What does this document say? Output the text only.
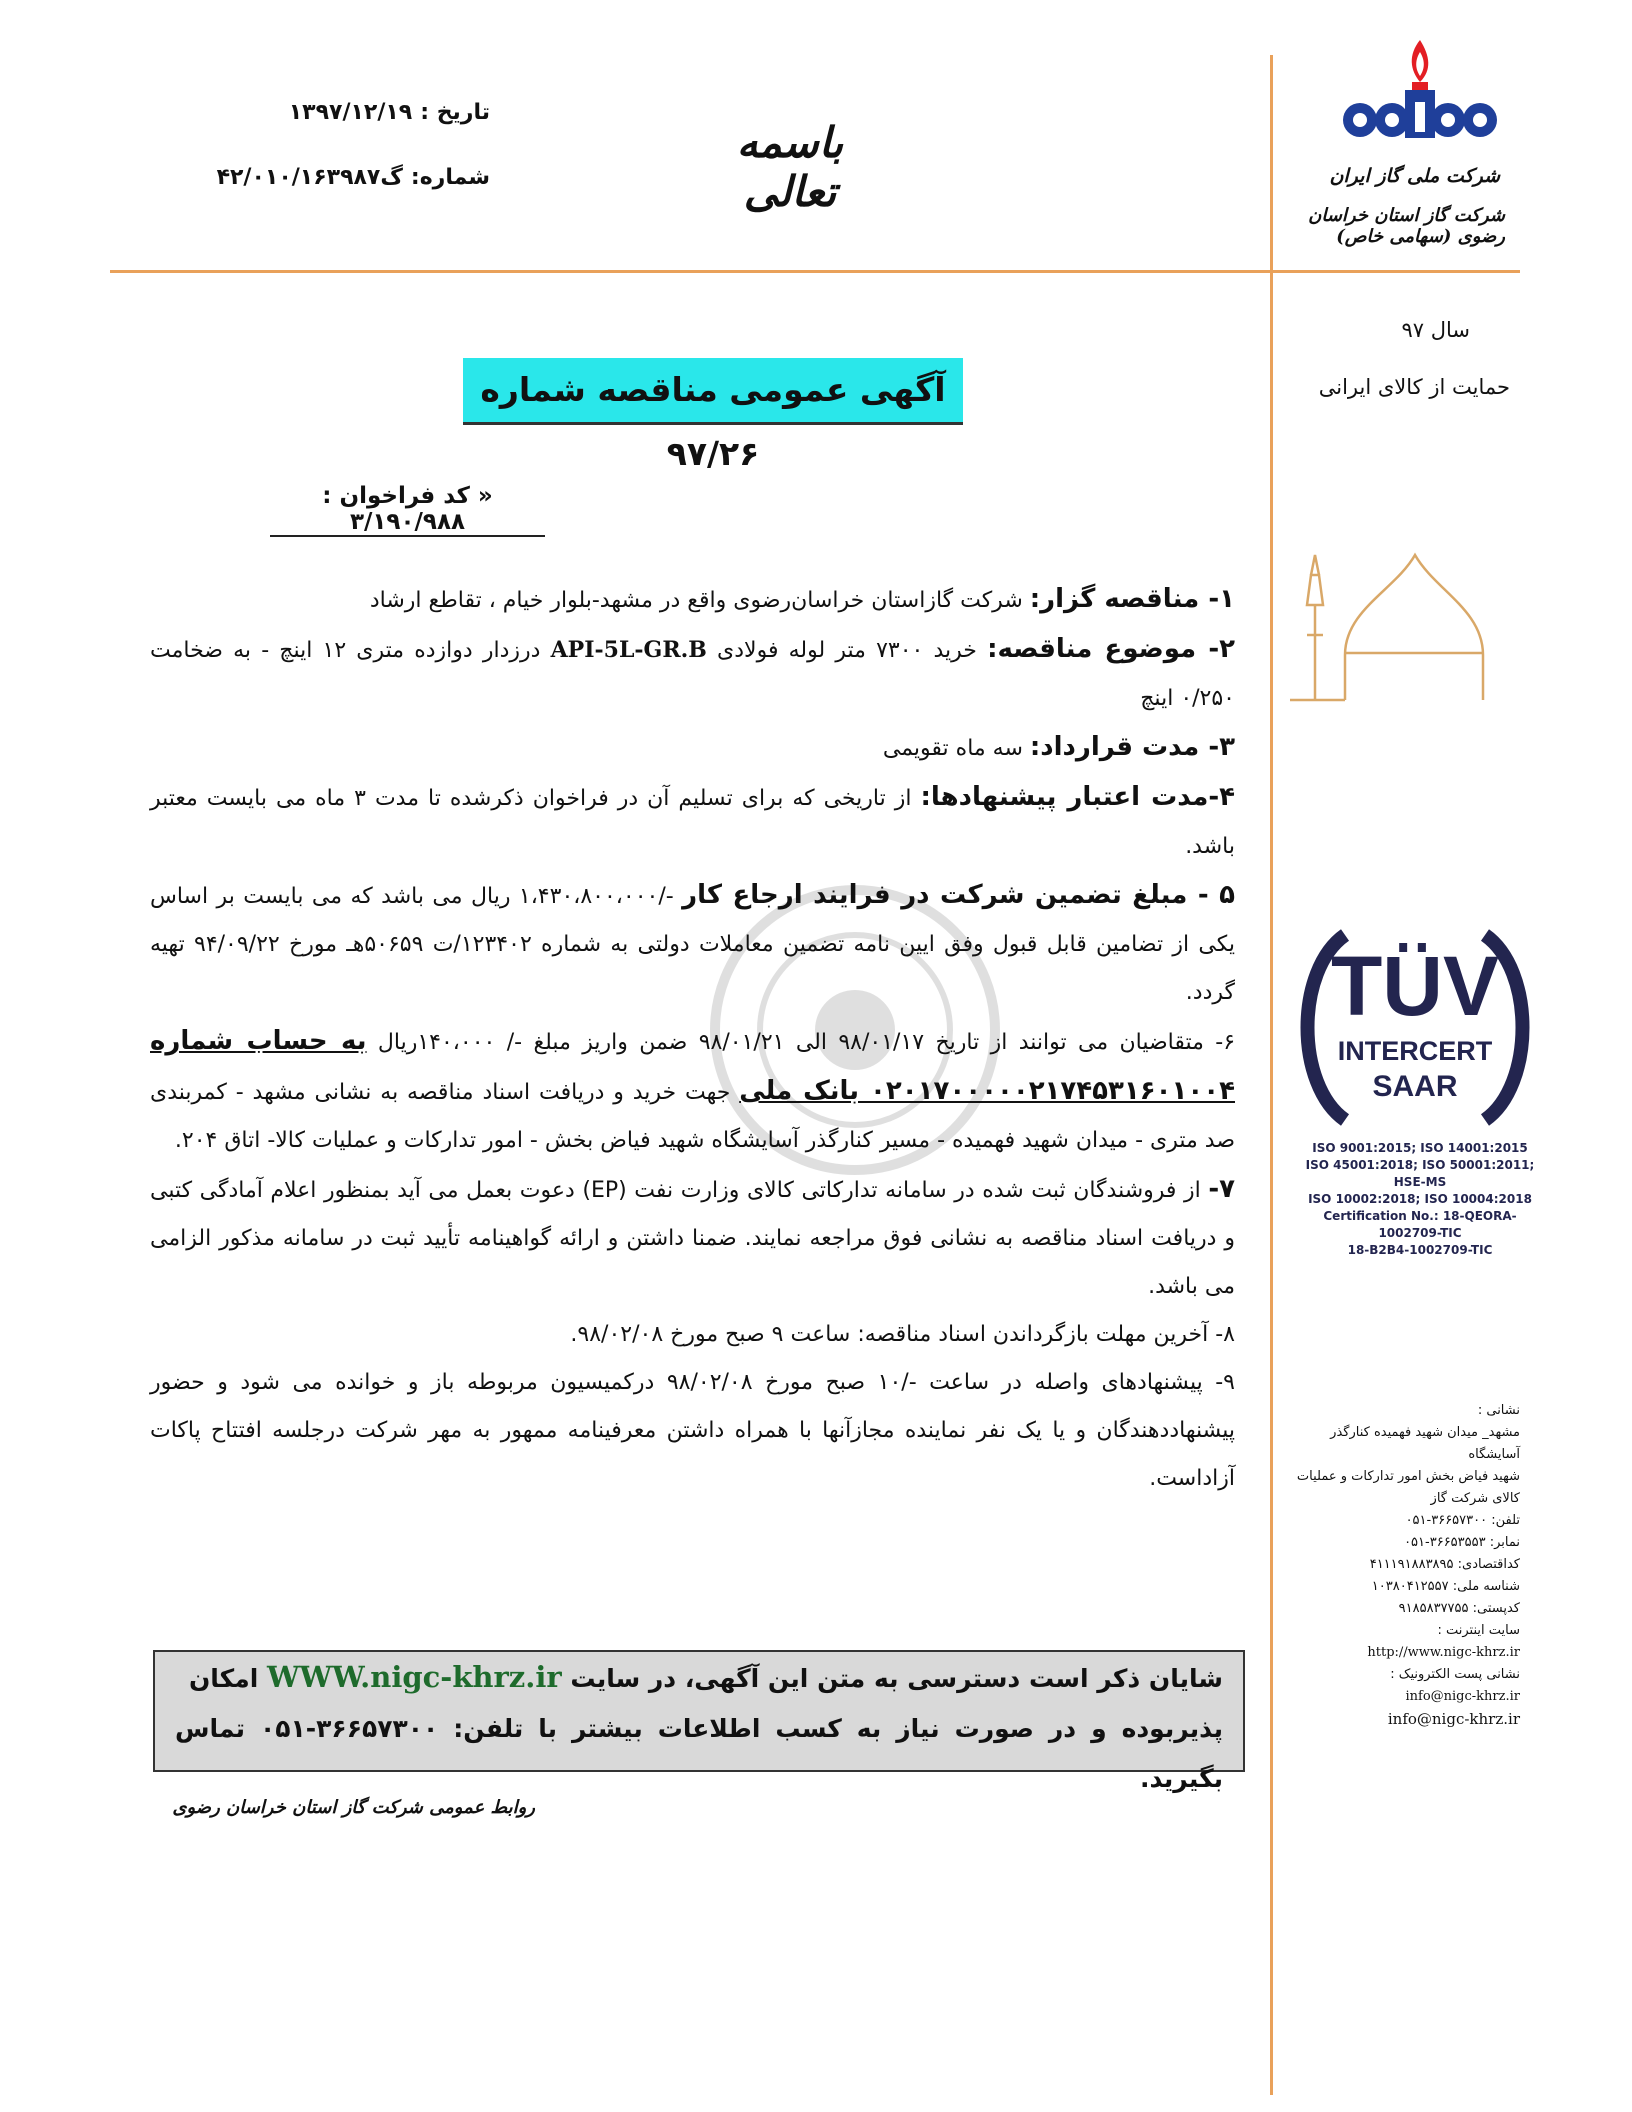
تاریخ :
۱۳۹۷/۱۲/۱۹
شماره:
گ۴۲/۰۱۰/۱۶۳۹۸۷
باسمه تعالی	شرکت ملی گاز ایران
شرکت گاز استان خراسان رضوی (سهامی خاص)
سال ۹۷
حمایت از کالای ایرانی
TÜV
INTERCERT
SAAR
ISO 9001:2015; ISO 14001:2015
ISO 45001:2018; ISO 50001:2011; HSE-MS
ISO 10002:2018; ISO 10004:2018
Certification No.: 18-QEORA-1002709-TIC
18-B2B4-1002709-TIC
نشانی :
مشهد_ میدان شهید فهمیده کنارگذر آسایشگاه
شهید فیاض بخش امور تدارکات و عملیات
کالای شرکت گاز
تلفن: ۳۶۶۵۷۳۰۰-۰۵۱
نمابر: ۳۶۶۵۳۵۵۳-۰۵۱
کداقتصادی: ۴۱۱۱۹۱۸۸۳۸۹۵
شناسه ملی: ۱۰۳۸۰۴۱۲۵۵۷
کدپستی: ۹۱۸۵۸۳۷۷۵۵
سایت اینترنت :
http://www.nigc-khrz.ir
نشانی پست الکترونیک :
info@nigc-khrz.ir
info@nigc-khrz.ir
آگهی عمومی مناقصه شماره ۹۷/۲۶
« کد فراخوان : ۳/۱۹۰/۹۸۸

۱- مناقصه گزار: شرکت گازاستان خراسان‌رضوی واقع در مشهد-بلوار خیام ، تقاطع ارشاد

۲- موضوع مناقصه: خرید ۷۳۰۰ متر لوله فولادی API-5L-GR.B درزدار دوازده متری ۱۲ اینچ - به ضخامت ۰/۲۵۰ اینچ

۳- مدت قرارداد: سه ماه تقویمی

۴-مدت اعتبار پیشنهادها: از تاریخی که برای تسلیم آن در فراخوان ذکرشده تا مدت ۳ ماه می بایست معتبر باشد.

۵ - مبلغ تضمین شرکت در فرایند ارجاع کار -/۱،۴۳۰،۸۰۰،۰۰۰ ریال می باشد که می بایست بر اساس یکی از تضامین قابل قبول وفق ایین نامه تضمین معاملات دولتی به شماره ۱۲۳۴۰۲/ت ۵۰۶۵۹هـ مورخ ۹۴/۰۹/۲۲ تهیه گردد.

۶- متقاضیان می توانند از تاریخ ۹۸/۰۱/۱۷ الی ۹۸/۰۱/۲۱ ضمن واریز مبلغ -/ ۱۴۰،۰۰۰ریال به حساب شماره ۰۲۰۱۷۰۰۰۰۰۲۱۷۴۵۳۱۶۰۱۰۰۴ بانک ملی جهت خرید و دریافت اسناد مناقصه به نشانی مشهد - کمربندی صد متری - میدان شهید فهمیده - مسیر کنارگذر آسایشگاه شهید فیاض بخش - امور تدارکات و عملیات کالا- اتاق ۲۰۴.

۷- از فروشندگان ثبت شده در سامانه تدارکاتی کالای وزارت نفت (EP) دعوت بعمل می آید بمنظور اعلام آمادگی کتبی و دریافت اسناد مناقصه به نشانی فوق مراجعه نمایند. ضمنا داشتن و ارائه گواهینامه تأیید ثبت در سامانه مذکور الزامی می باشد.

۸- آخرین مهلت بازگرداندن اسناد مناقصه: ساعت ۹ صبح مورخ ۹۸/۰۲/۰۸.

۹- پیشنهادهای واصله در ساعت -/۱۰ صبح مورخ ۹۸/۰۲/۰۸ درکمیسیون مربوطه باز و خوانده می شود و حضور پیشنهاددهندگان و یا یک نفر نماینده مجازآنها با همراه داشتن معرفینامه ممهور به مهر شرکت درجلسه افتتاح پاکات آزاداست.

شایان ذکر است دسترسی به متن این آگهی، در سایت WWW.nigc-khrz.ir امکان

پذیربوده و در صورت نیاز به کسب اطلاعات بیشتر با تلفن: ۳۶۶۵۷۳۰۰-۰۵۱ تماس بگیرید.

روابط عمومی شرکت گاز استان خراسان رضوی
